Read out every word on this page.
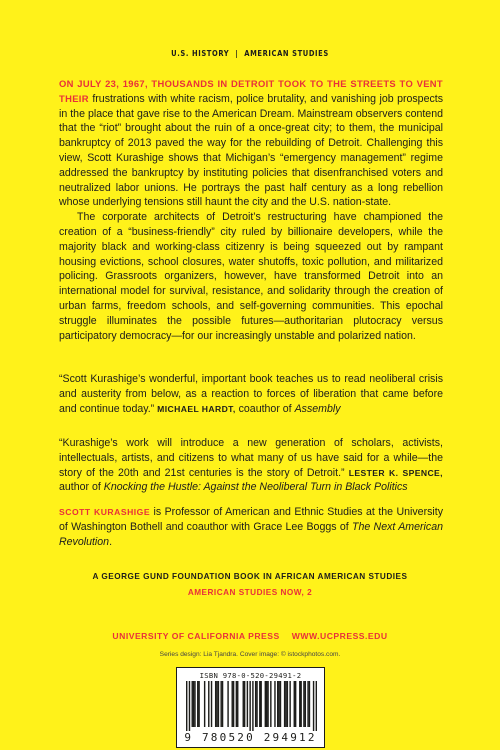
U.S. HISTORY | AMERICAN STUDIES

ON JULY 23, 1967, THOUSANDS IN DETROIT TOOK TO THE STREETS TO VENT THEIR frustrations with white racism, police brutality, and vanishing job prospects in the place that gave rise to the American Dream. Mainstream observers contend that the “riot” brought about the ruin of a once-great city; to them, the municipal bankruptcy of 2013 paved the way for the rebuilding of Detroit. Challenging this view, Scott Kurashige shows that Michigan’s “emergency management” regime addressed the bankruptcy by instituting policies that disenfranchised voters and neutralized labor unions. He portrays the past half century as a long rebellion whose underlying tensions still haunt the city and the U.S. nation-state.

The corporate architects of Detroit’s restructuring have championed the creation of a “business-friendly” city ruled by billionaire developers, while the majority black and working-class citizenry is being squeezed out by rampant housing evictions, school closures, water shutoffs, toxic pollution, and militarized policing. Grassroots organizers, however, have transformed Detroit into an international model for survival, resistance, and solidarity through the creation of urban farms, freedom schools, and self-governing communities. This epochal struggle illuminates the possible futures—authoritarian plutocracy versus participatory democracy—for our increasingly unstable and polarized nation.

“Scott Kurashige’s wonderful, important book teaches us to read neoliberal crisis and austerity from below, as a reaction to forces of liberation that came before and continue today.” MICHAEL HARDT, coauthor of Assembly

“Kurashige’s work will introduce a new generation of scholars, activists, intellectuals, artists, and citizens to what many of us have said for a while—the story of the 20th and 21st centuries is the story of Detroit.” LESTER K. SPENCE, author of Knocking the Hustle: Against the Neoliberal Turn in Black Politics

SCOTT KURASHIGE is Professor of American and Ethnic Studies at the University of Washington Bothell and coauthor with Grace Lee Boggs of The Next American Revolution.

A GEORGE GUND FOUNDATION BOOK IN AFRICAN AMERICAN STUDIES
AMERICAN STUDIES NOW, 2
UNIVERSITY OF CALIFORNIA PRESS WWW.UCPRESS.EDU
Series design: Lia Tjandra. Cover image: © istockphotos.com.
ISBN 978-0-520-29491-2
9 780520 294912
